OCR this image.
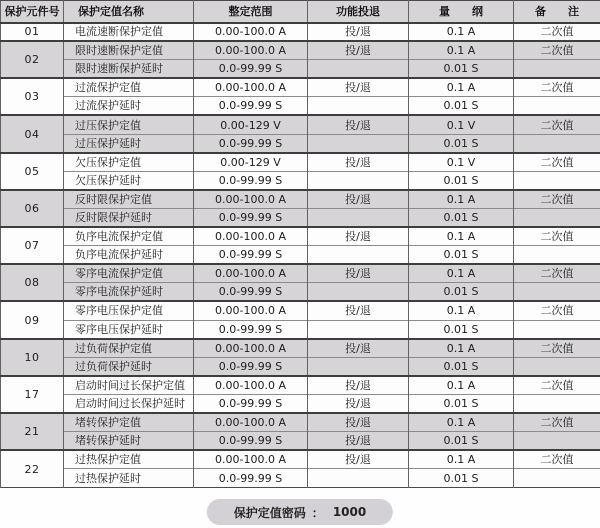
保护元件号	保护定值名称	整定范围	功能投退	量　　纲	备　　注
01	电流速断保护定值	0.00-100.0 A	投/退	0.1 A	二次值
02	限时速断保护定值	0.00-100.0 A	投/退	0.1 A	二次值
	限时速断保护延时	0.0-99.99 S		0.01 S	
03	过流保护定值	0.00-100.0 A	投/退	0.1 A	二次值
	过流保护延时	0.0-99.99 S		0.01 S	
04	过压保护定值	0.00-129 V	投/退	0.1 V	二次值
	过压保护延时	0.0-99.99 S		0.01 S	
05	欠压保护定值	0.00-129 V	投/退	0.1 V	二次值
	欠压保护延时	0.0-99.99 S		0.01 S	
06	反时限保护定值	0.00-100.0 A	投/退	0.1 A	二次值
	反时限保护延时	0.0-99.99 S		0.01 S	
07	负序电流保护定值	0.00-100.0 A	投/退	0.1 A	二次值
	负序电流保护延时	0.0-99.99 S		0.01 S	
08	零序电流保护定值	0.00-100.0 A	投/退	0.1 A	二次值
	零序电流保护延时	0.0-99.99 S		0.01 S	
09	零序电压保护定值	0.00-100.0 A	投/退	0.1 A	二次值
	零序电压保护延时	0.0-99.99 S		0.01 S	
10	过负荷保护定值	0.00-100.0 A	投/退	0.1 A	二次值
	过负荷保护延时	0.0-99.99 S		0.01 S	
17	启动时间过长保护定值	0.00-100.0 A	投/退	0.1 A	二次值
	启动时间过长保护延时	0.0-99.99 S	投/退	0.01 S	
21	堵转保护定值	0.00-100.0 A	投/退	0.1 A	二次值
	堵转保护延时	0.0-99.99 S	投/退	0.01 S	
22	过热保护定值	0.00-100.0 A	投/退	0.1 A	二次值
	过热保护延时	0.0-99.99 S		0.01 S	
保护定值密码 ： 1000
